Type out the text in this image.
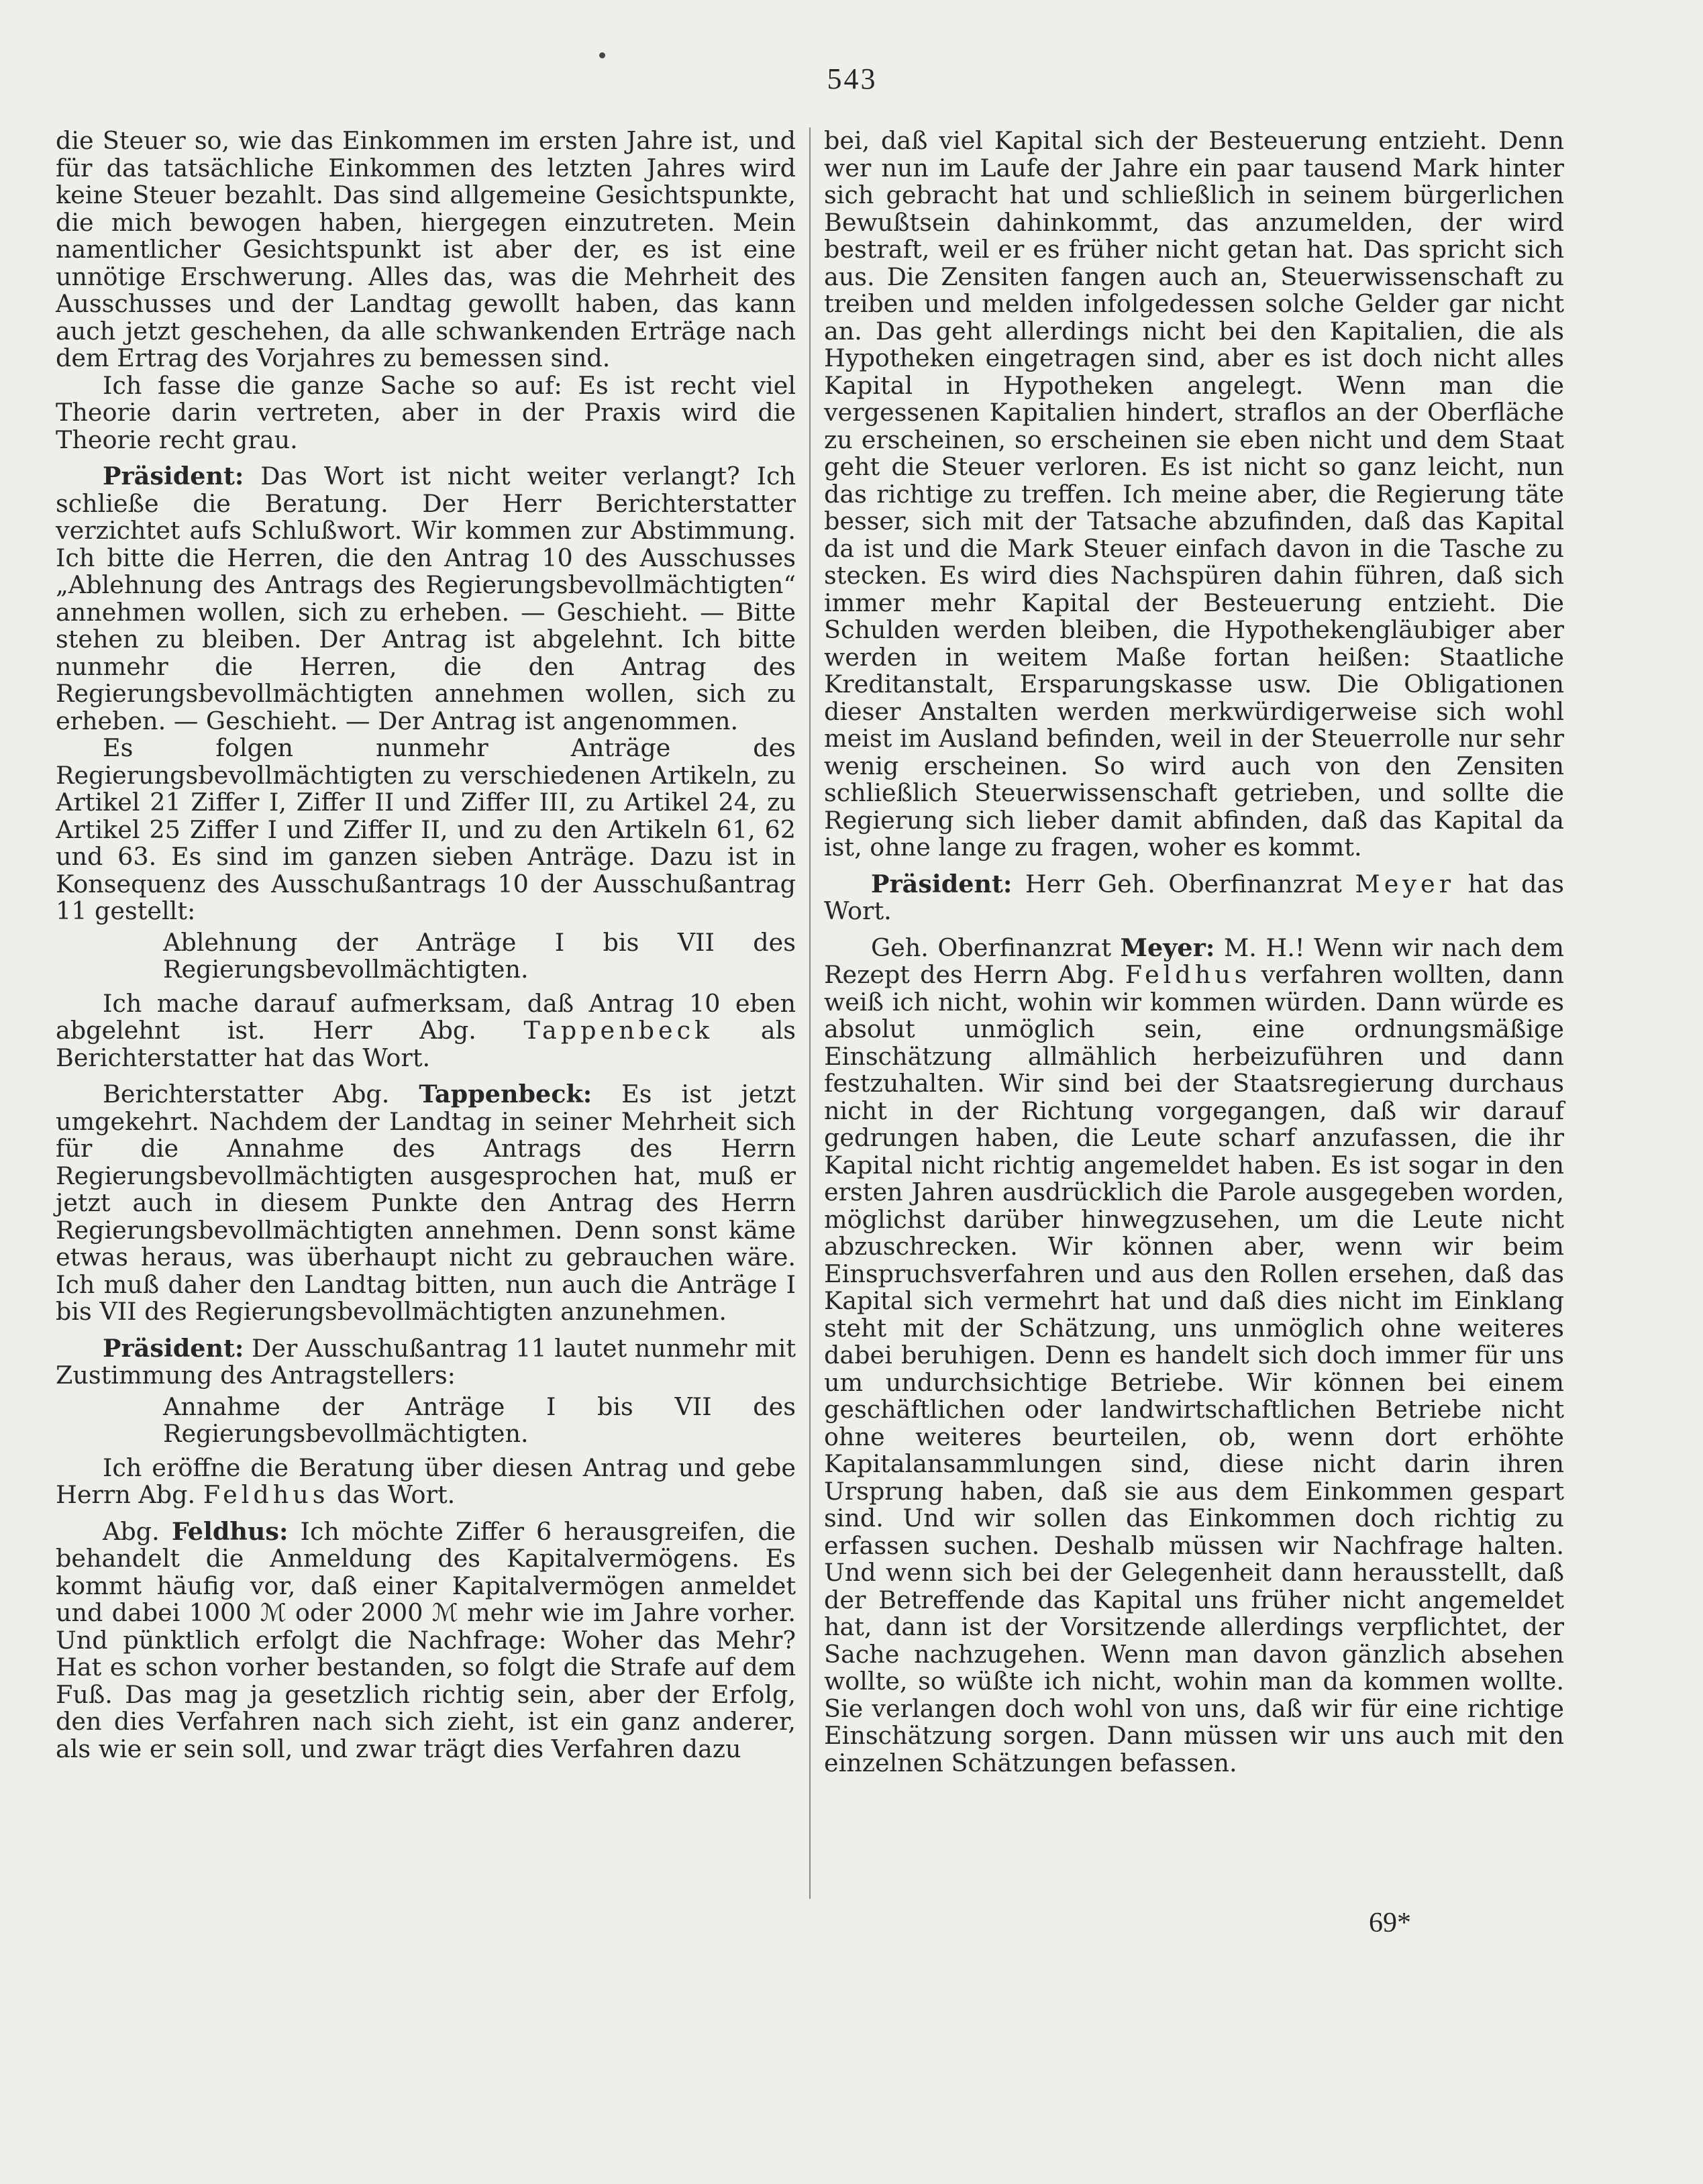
543

die Steuer so, wie das Einkommen im ersten Jahre ist, und für das tatsächliche Einkommen des letzten Jahres wird keine Steuer bezahlt. Das sind allgemeine Gesichtspunkte, die mich bewogen haben, hiergegen einzutreten. Mein namentlicher Gesichtspunkt ist aber der, es ist eine unnötige Erschwerung. Alles das, was die Mehrheit des Ausschusses und der Landtag gewollt haben, das kann auch jetzt geschehen, da alle schwankenden Erträge nach dem Ertrag des Vorjahres zu bemessen sind.

Ich fasse die ganze Sache so auf: Es ist recht viel Theorie darin vertreten, aber in der Praxis wird die Theorie recht grau.

Präsident: Das Wort ist nicht weiter verlangt? Ich schließe die Beratung. Der Herr Berichterstatter verzichtet aufs Schlußwort. Wir kommen zur Abstimmung. Ich bitte die Herren, die den Antrag 10 des Ausschusses „Ablehnung des Antrags des Regierungsbevollmächtigten“ annehmen wollen, sich zu erheben. — Geschieht. — Bitte stehen zu bleiben. Der Antrag ist abgelehnt. Ich bitte nunmehr die Herren, die den Antrag des Regierungsbevollmächtigten annehmen wollen, sich zu erheben. — Geschieht. — Der Antrag ist angenommen.

Es folgen nunmehr Anträge des Regierungsbevollmächtigten zu verschiedenen Artikeln, zu Artikel 21 Ziffer I, Ziffer II und Ziffer III, zu Artikel 24, zu Artikel 25 Ziffer I und Ziffer II, und zu den Artikeln 61, 62 und 63. Es sind im ganzen sieben Anträge. Dazu ist in Konsequenz des Ausschußantrags 10 der Ausschußantrag 11 gestellt:

Ablehnung der Anträge I bis VII des Regierungsbevollmächtigten.

Ich mache darauf aufmerksam, daß Antrag 10 eben abgelehnt ist. Herr Abg. Tappenbeck als Berichterstatter hat das Wort.

Berichterstatter Abg. Tappenbeck: Es ist jetzt umgekehrt. Nachdem der Landtag in seiner Mehrheit sich für die Annahme des Antrags des Herrn Regierungsbevollmächtigten ausgesprochen hat, muß er jetzt auch in diesem Punkte den Antrag des Herrn Regierungsbevollmächtigten annehmen. Denn sonst käme etwas heraus, was überhaupt nicht zu gebrauchen wäre. Ich muß daher den Landtag bitten, nun auch die Anträge I bis VII des Regierungsbevollmächtigten anzunehmen.

Präsident: Der Ausschußantrag 11 lautet nunmehr mit Zustimmung des Antragstellers:

Annahme der Anträge I bis VII des Regierungsbevollmächtigten.

Ich eröffne die Beratung über diesen Antrag und gebe Herrn Abg. Feldhus das Wort.

Abg. Feldhus: Ich möchte Ziffer 6 herausgreifen, die behandelt die Anmeldung des Kapitalvermögens. Es kommt häufig vor, daß einer Kapitalvermögen anmeldet und dabei 1000 ℳ oder 2000 ℳ mehr wie im Jahre vorher. Und pünktlich erfolgt die Nachfrage: Woher das Mehr? Hat es schon vorher bestanden, so folgt die Strafe auf dem Fuß. Das mag ja gesetzlich richtig sein, aber der Erfolg, den dies Verfahren nach sich zieht, ist ein ganz anderer, als wie er sein soll, und zwar trägt dies Verfahren dazu

bei, daß viel Kapital sich der Besteuerung entzieht. Denn wer nun im Laufe der Jahre ein paar tausend Mark hinter sich gebracht hat und schließlich in seinem bürgerlichen Bewußtsein dahinkommt, das anzumelden, der wird bestraft, weil er es früher nicht getan hat. Das spricht sich aus. Die Zensiten fangen auch an, Steuerwissenschaft zu treiben und melden infolgedessen solche Gelder gar nicht an. Das geht allerdings nicht bei den Kapitalien, die als Hypotheken eingetragen sind, aber es ist doch nicht alles Kapital in Hypotheken angelegt. Wenn man die vergessenen Kapitalien hindert, straflos an der Oberfläche zu erscheinen, so erscheinen sie eben nicht und dem Staat geht die Steuer verloren. Es ist nicht so ganz leicht, nun das richtige zu treffen. Ich meine aber, die Regierung täte besser, sich mit der Tatsache abzufinden, daß das Kapital da ist und die Mark Steuer einfach davon in die Tasche zu stecken. Es wird dies Nachspüren dahin führen, daß sich immer mehr Kapital der Besteuerung entzieht. Die Schulden werden bleiben, die Hypothekengläubiger aber werden in weitem Maße fortan heißen: Staatliche Kreditanstalt, Ersparungskasse usw. Die Obligationen dieser Anstalten werden merkwürdigerweise sich wohl meist im Ausland befinden, weil in der Steuerrolle nur sehr wenig erscheinen. So wird auch von den Zensiten schließlich Steuerwissenschaft getrieben, und sollte die Regierung sich lieber damit abfinden, daß das Kapital da ist, ohne lange zu fragen, woher es kommt.

Präsident: Herr Geh. Oberfinanzrat Meyer hat das Wort.

Geh. Oberfinanzrat Meyer: M. H.! Wenn wir nach dem Rezept des Herrn Abg. Feldhus verfahren wollten, dann weiß ich nicht, wohin wir kommen würden. Dann würde es absolut unmöglich sein, eine ordnungsmäßige Einschätzung allmählich herbeizuführen und dann festzuhalten. Wir sind bei der Staatsregierung durchaus nicht in der Richtung vorgegangen, daß wir darauf gedrungen haben, die Leute scharf anzufassen, die ihr Kapital nicht richtig angemeldet haben. Es ist sogar in den ersten Jahren ausdrücklich die Parole ausgegeben worden, möglichst darüber hinwegzusehen, um die Leute nicht abzuschrecken. Wir können aber, wenn wir beim Einspruchsverfahren und aus den Rollen ersehen, daß das Kapital sich vermehrt hat und daß dies nicht im Einklang steht mit der Schätzung, uns unmöglich ohne weiteres dabei beruhigen. Denn es handelt sich doch immer für uns um undurchsichtige Betriebe. Wir können bei einem geschäftlichen oder landwirtschaftlichen Betriebe nicht ohne weiteres beurteilen, ob, wenn dort erhöhte Kapitalansammlungen sind, diese nicht darin ihren Ursprung haben, daß sie aus dem Einkommen gespart sind. Und wir sollen das Einkommen doch richtig zu erfassen suchen. Deshalb müssen wir Nachfrage halten. Und wenn sich bei der Gelegenheit dann herausstellt, daß der Betreffende das Kapital uns früher nicht angemeldet hat, dann ist der Vorsitzende allerdings verpflichtet, der Sache nachzugehen. Wenn man davon gänzlich absehen wollte, so wüßte ich nicht, wohin man da kommen wollte. Sie verlangen doch wohl von uns, daß wir für eine richtige Einschätzung sorgen. Dann müssen wir uns auch mit den einzelnen Schätzungen befassen.

69*
